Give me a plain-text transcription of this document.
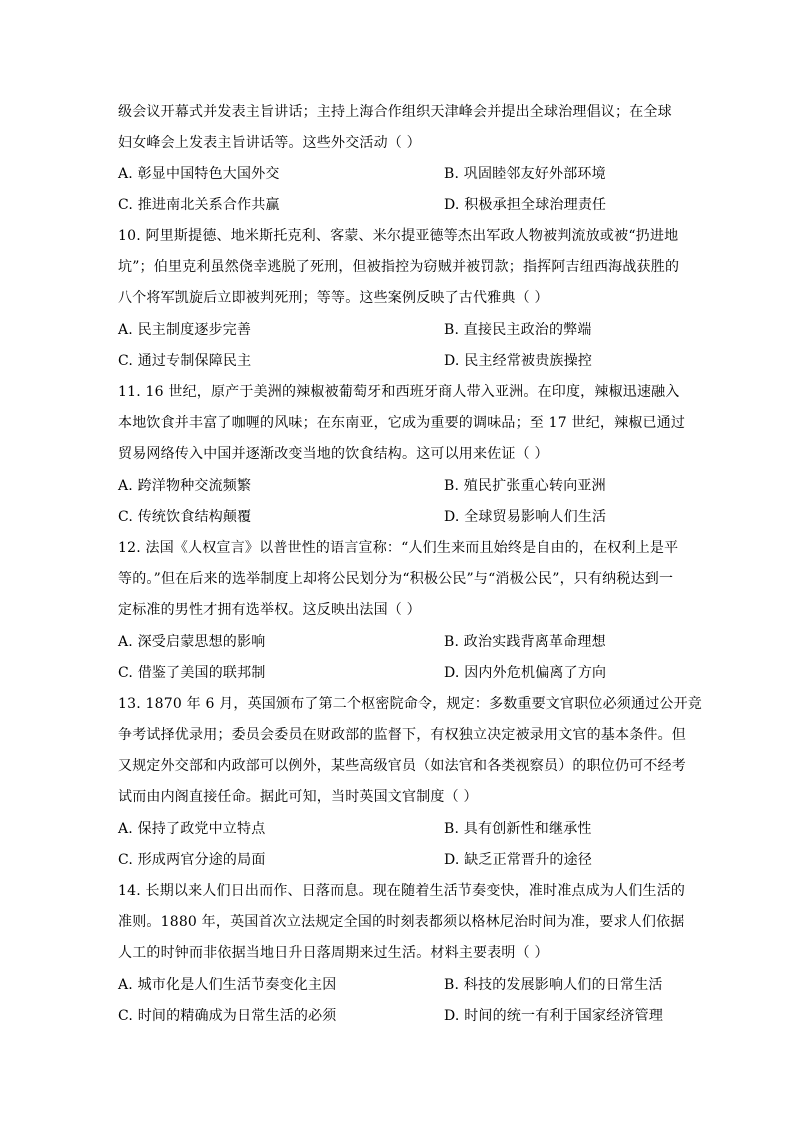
级会议开幕式并发表主旨讲话；主持上海合作组织天津峰会并提出全球治理倡议；在全球
妇女峰会上发表主旨讲话等。这些外交活动（ ）
A. 彰显中国特色大国外交	B. 巩固睦邻友好外部环境
C. 推进南北关系合作共赢	D. 积极承担全球治理责任
10. 阿里斯提德、地米斯托克利、客蒙、米尔提亚德等杰出军政人物被判流放或被“扔进地
坑”；伯里克利虽然侥幸逃脱了死刑，但被指控为窃贼并被罚款；指挥阿吉纽西海战获胜的
八个将军凯旋后立即被判死刑；等等。这些案例反映了古代雅典（ ）
A. 民主制度逐步完善	B. 直接民主政治的弊端
C. 通过专制保障民主	D. 民主经常被贵族操控
11. 16 世纪，原产于美洲的辣椒被葡萄牙和西班牙商人带入亚洲。在印度，辣椒迅速融入
本地饮食并丰富了咖喱的风味；在东南亚，它成为重要的调味品；至 17 世纪，辣椒已通过
贸易网络传入中国并逐渐改变当地的饮食结构。这可以用来佐证（ ）
A. 跨洋物种交流频繁	B. 殖民扩张重心转向亚洲
C. 传统饮食结构颠覆	D. 全球贸易影响人们生活
12. 法国《人权宣言》以普世性的语言宣称：“人们生来而且始终是自由的，在权利上是平
等的。”但在后来的选举制度上却将公民划分为“积极公民”与“消极公民”，只有纳税达到一
定标准的男性才拥有选举权。这反映出法国（ ）
A. 深受启蒙思想的影响	B. 政治实践背离革命理想
C. 借鉴了美国的联邦制	D. 因内外危机偏离了方向
13. 1870 年 6 月，英国颁布了第二个枢密院命令，规定：多数重要文官职位必须通过公开竞
争考试择优录用；委员会委员在财政部的监督下，有权独立决定被录用文官的基本条件。但
又规定外交部和内政部可以例外，某些高级官员（如法官和各类视察员）的职位仍可不经考
试而由内阁直接任命。据此可知，当时英国文官制度（ ）
A. 保持了政党中立特点	B. 具有创新性和继承性
C. 形成两官分途的局面	D. 缺乏正常晋升的途径
14. 长期以来人们日出而作、日落而息。现在随着生活节奏变快，准时准点成为人们生活的
准则。1880 年，英国首次立法规定全国的时刻表都须以格林尼治时间为准，要求人们依据
人工的时钟而非依据当地日升日落周期来过生活。材料主要表明（ ）
A. 城市化是人们生活节奏变化主因	B. 科技的发展影响人们的日常生活
C. 时间的精确成为日常生活的必须	D. 时间的统一有利于国家经济管理
